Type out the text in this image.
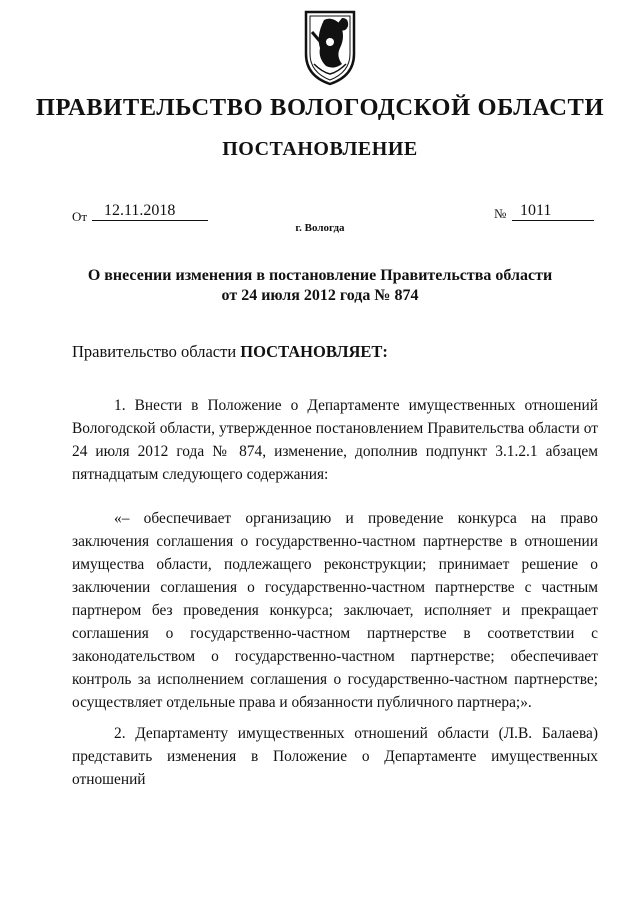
ПРАВИТЕЛЬСТВО ВОЛОГОДСКОЙ ОБЛАСТИ
ПОСТАНОВЛЕНИЕ
От	12.11.2018	№ 1011
г. Вологда
О внесении изменения в постановление Правительства области
от 24 июля 2012 года № 874
Правительство области ПОСТАНОВЛЯЕТ:

1. Внести в Положение о Департаменте имущественных отношений Вологодской области, утвержденное постановлением Правительства области от 24 июля 2012 года № 874, изменение, дополнив подпункт 3.1.2.1 абзацем пятнадцатым следующего содержания:

«– обеспечивает организацию и проведение конкурса на право заключения соглашения о государственно-частном партнерстве в отношении имущества области, подлежащего реконструкции; принимает решение о заключении соглашения о государственно-частном партнерстве с частным партнером без проведения конкурса; заключает, исполняет и прекращает соглашения о государственно-частном партнерстве в соответствии с законодательством о государственно-частном партнерстве; обеспечивает контроль за исполнением соглашения о государственно-частном партнерстве; осуществляет отдельные права и обязанности публичного партнера;».

2. Департаменту имущественных отношений области (Л.В. Балаева) представить изменения в Положение о Департаменте имущественных отношений
